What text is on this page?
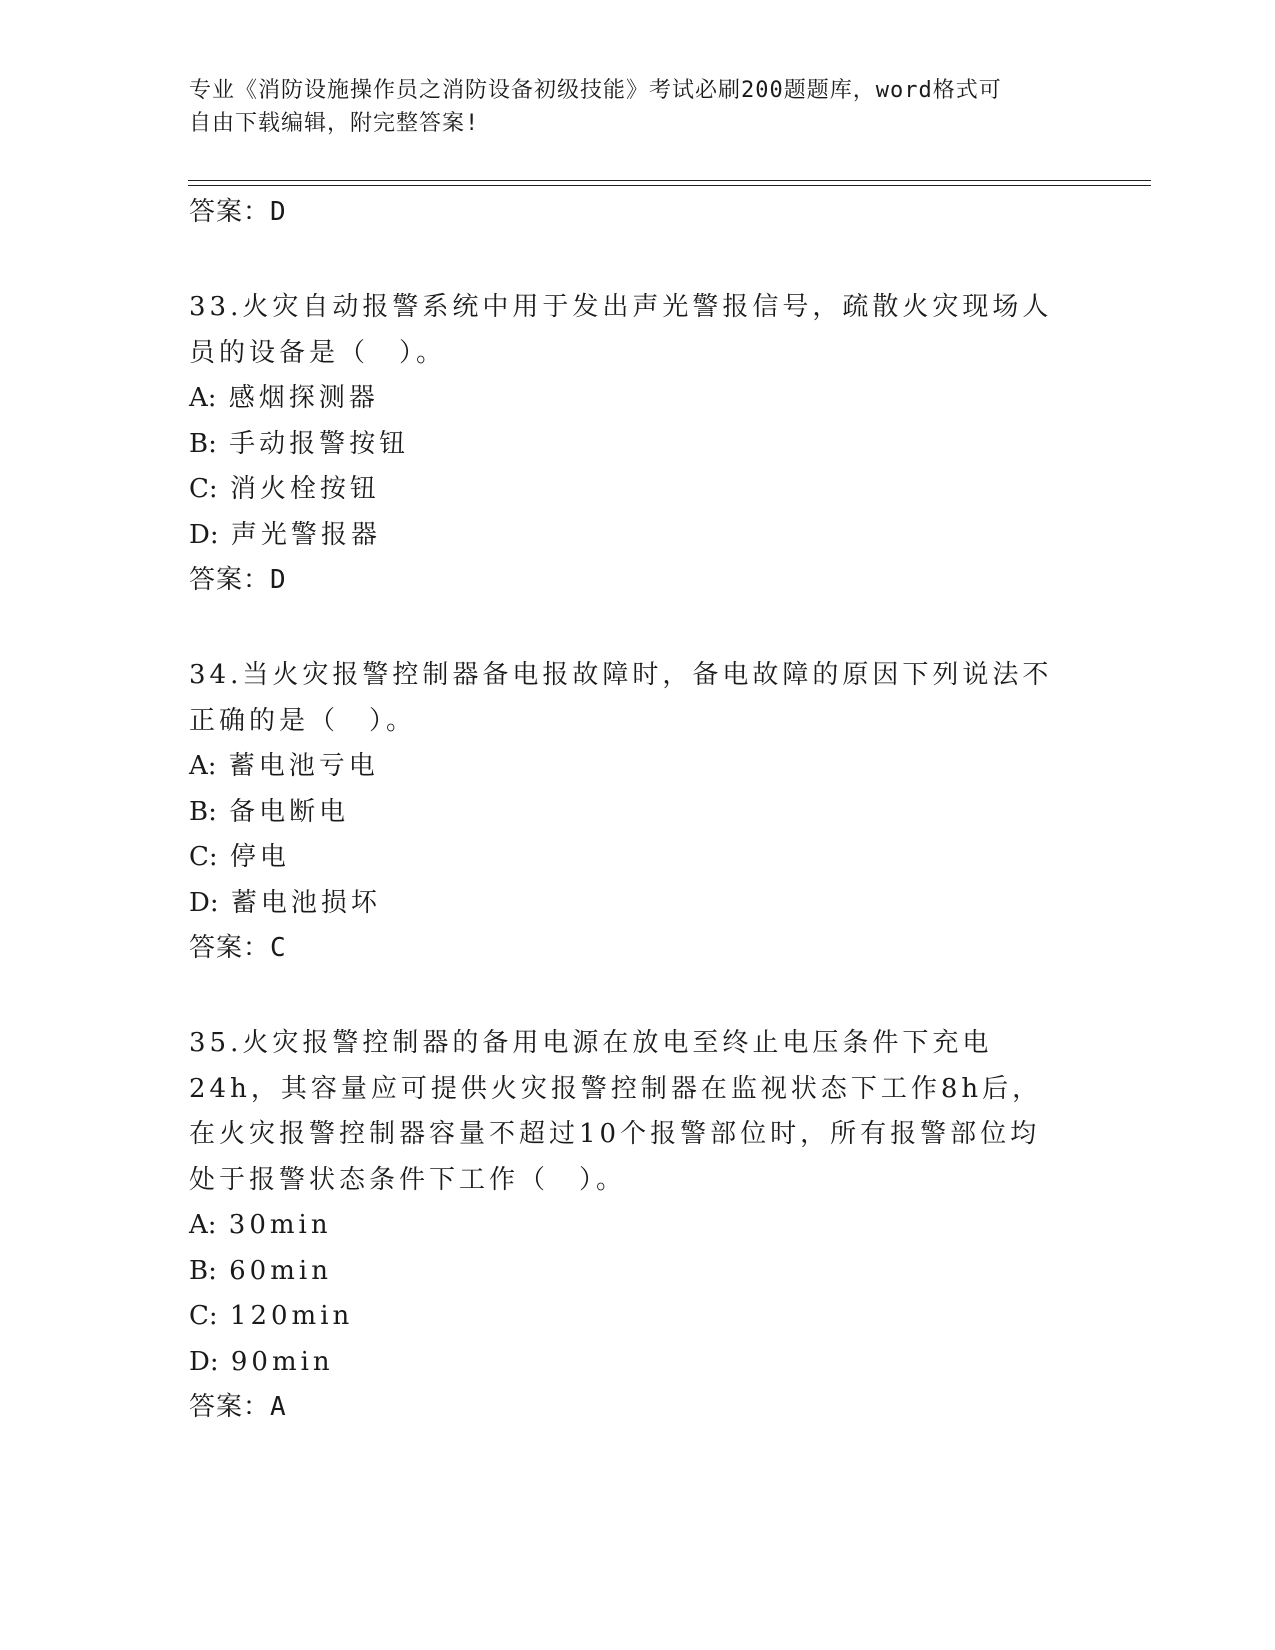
专业《消防设施操作员之消防设备初级技能》考试必刷200题题库，word格式可
自由下载编辑，附完整答案!
答案：D
33.火灾自动报警系统中用于发出声光警报信号，疏散火灾现场人员的设备是（　）。
A: 感烟探测器
B: 手动报警按钮
C: 消火栓按钮
D: 声光警报器
答案：D
34.当火灾报警控制器备电报故障时，备电故障的原因下列说法不正确的是（　）。
A: 蓄电池亏电
B: 备电断电
C: 停电
D: 蓄电池损坏
答案：C
35.火灾报警控制器的备用电源在放电至终止电压条件下充电24h，其容量应可提供火灾报警控制器在监视状态下工作8h后，在火灾报警控制器容量不超过10个报警部位时，所有报警部位均处于报警状态条件下工作（　）。
A: 30min
B: 60min
C: 120min
D: 90min
答案：A
